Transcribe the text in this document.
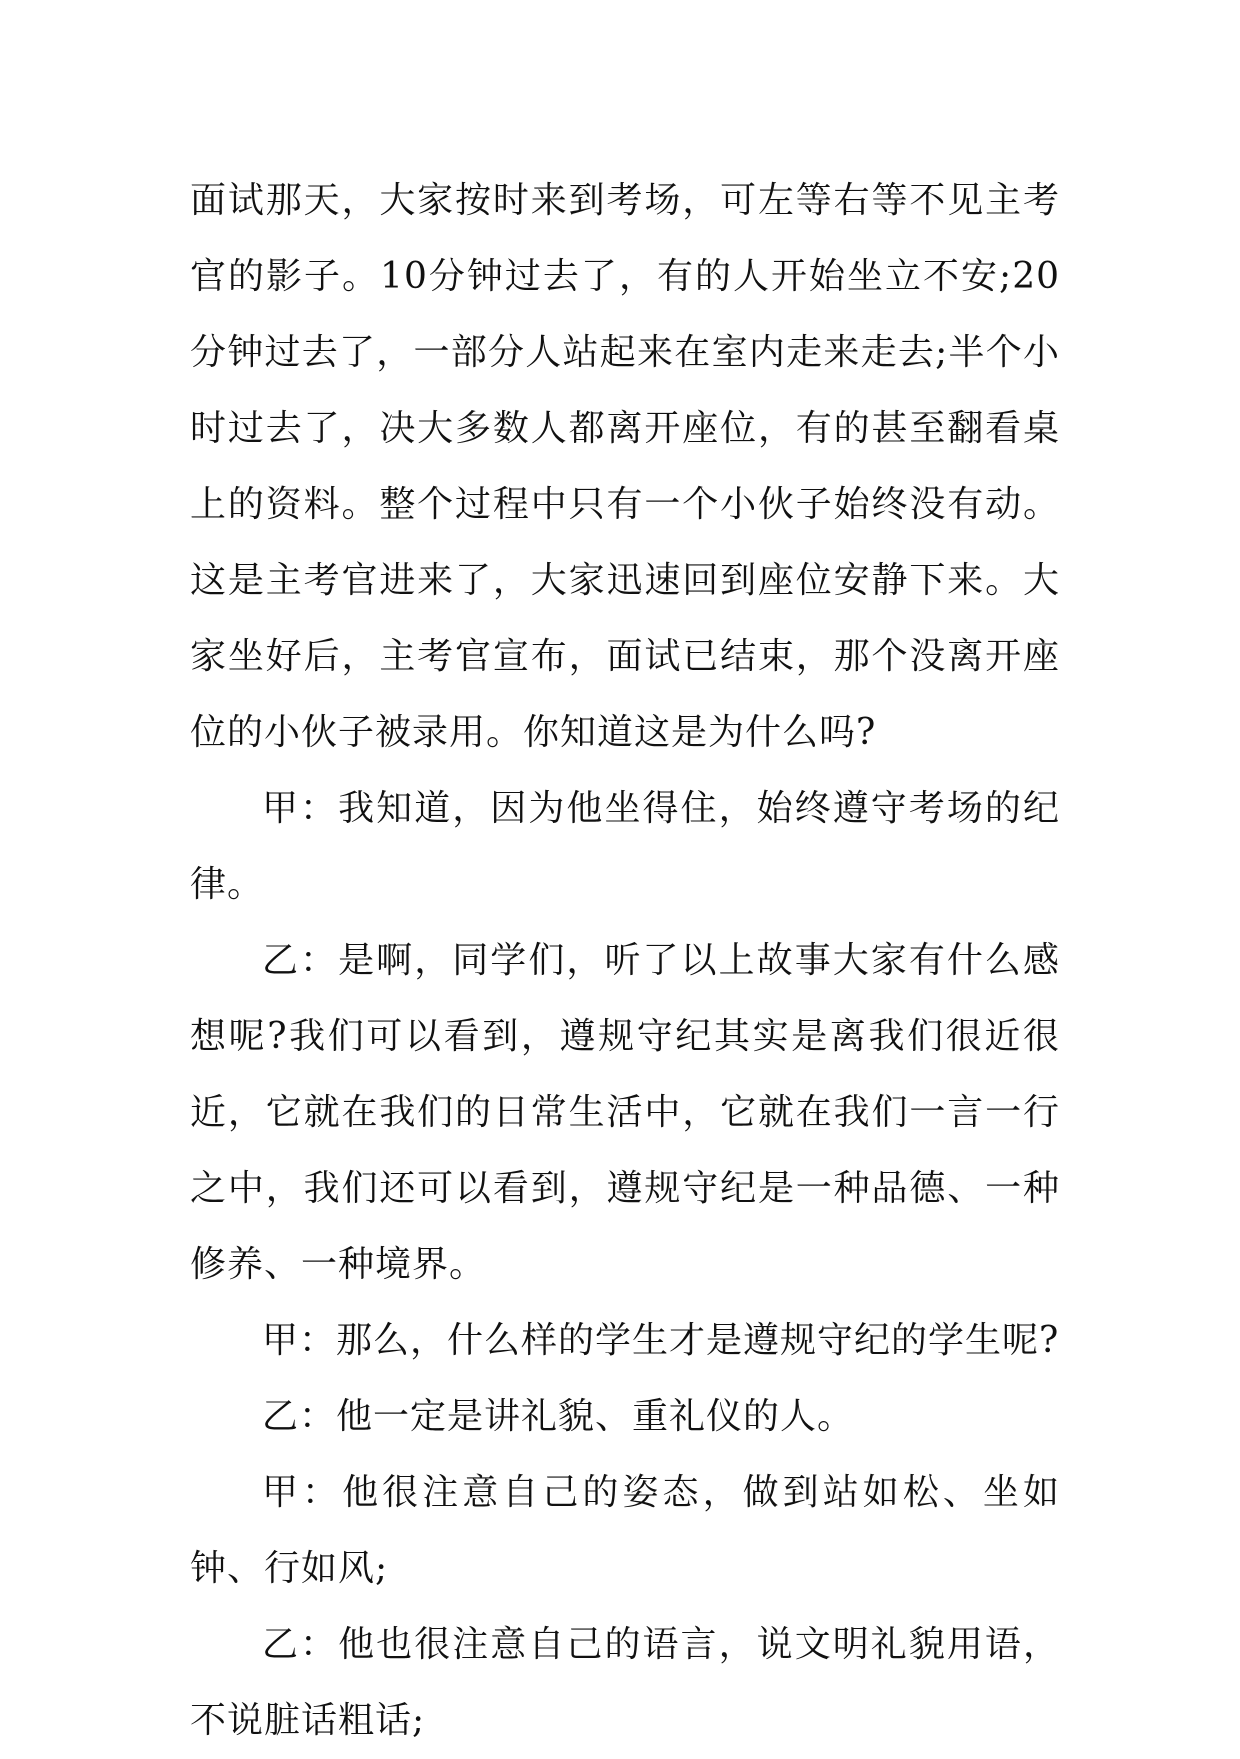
面试那天，大家按时来到考场，可左等右等不见主考官的影子。10分钟过去了，有的人开始坐立不安;20分钟过去了，一部分人站起来在室内走来走去;半个小时过去了，决大多数人都离开座位，有的甚至翻看桌上的资料。整个过程中只有一个小伙子始终没有动。这是主考官进来了，大家迅速回到座位安静下来。大家坐好后，主考官宣布，面试已结束，那个没离开座位的小伙子被录用。你知道这是为什么吗?

甲：我知道，因为他坐得住，始终遵守考场的纪律。

乙：是啊，同学们，听了以上故事大家有什么感想呢?我们可以看到，遵规守纪其实是离我们很近很近，它就在我们的日常生活中，它就在我们一言一行之中，我们还可以看到，遵规守纪是一种品德、一种修养、一种境界。

甲：那么，什么样的学生才是遵规守纪的学生呢?

乙：他一定是讲礼貌、重礼仪的人。

甲：他很注意自己的姿态，做到站如松、坐如钟、行如风;

乙：他也很注意自己的语言，说文明礼貌用语，不说脏话粗话;
